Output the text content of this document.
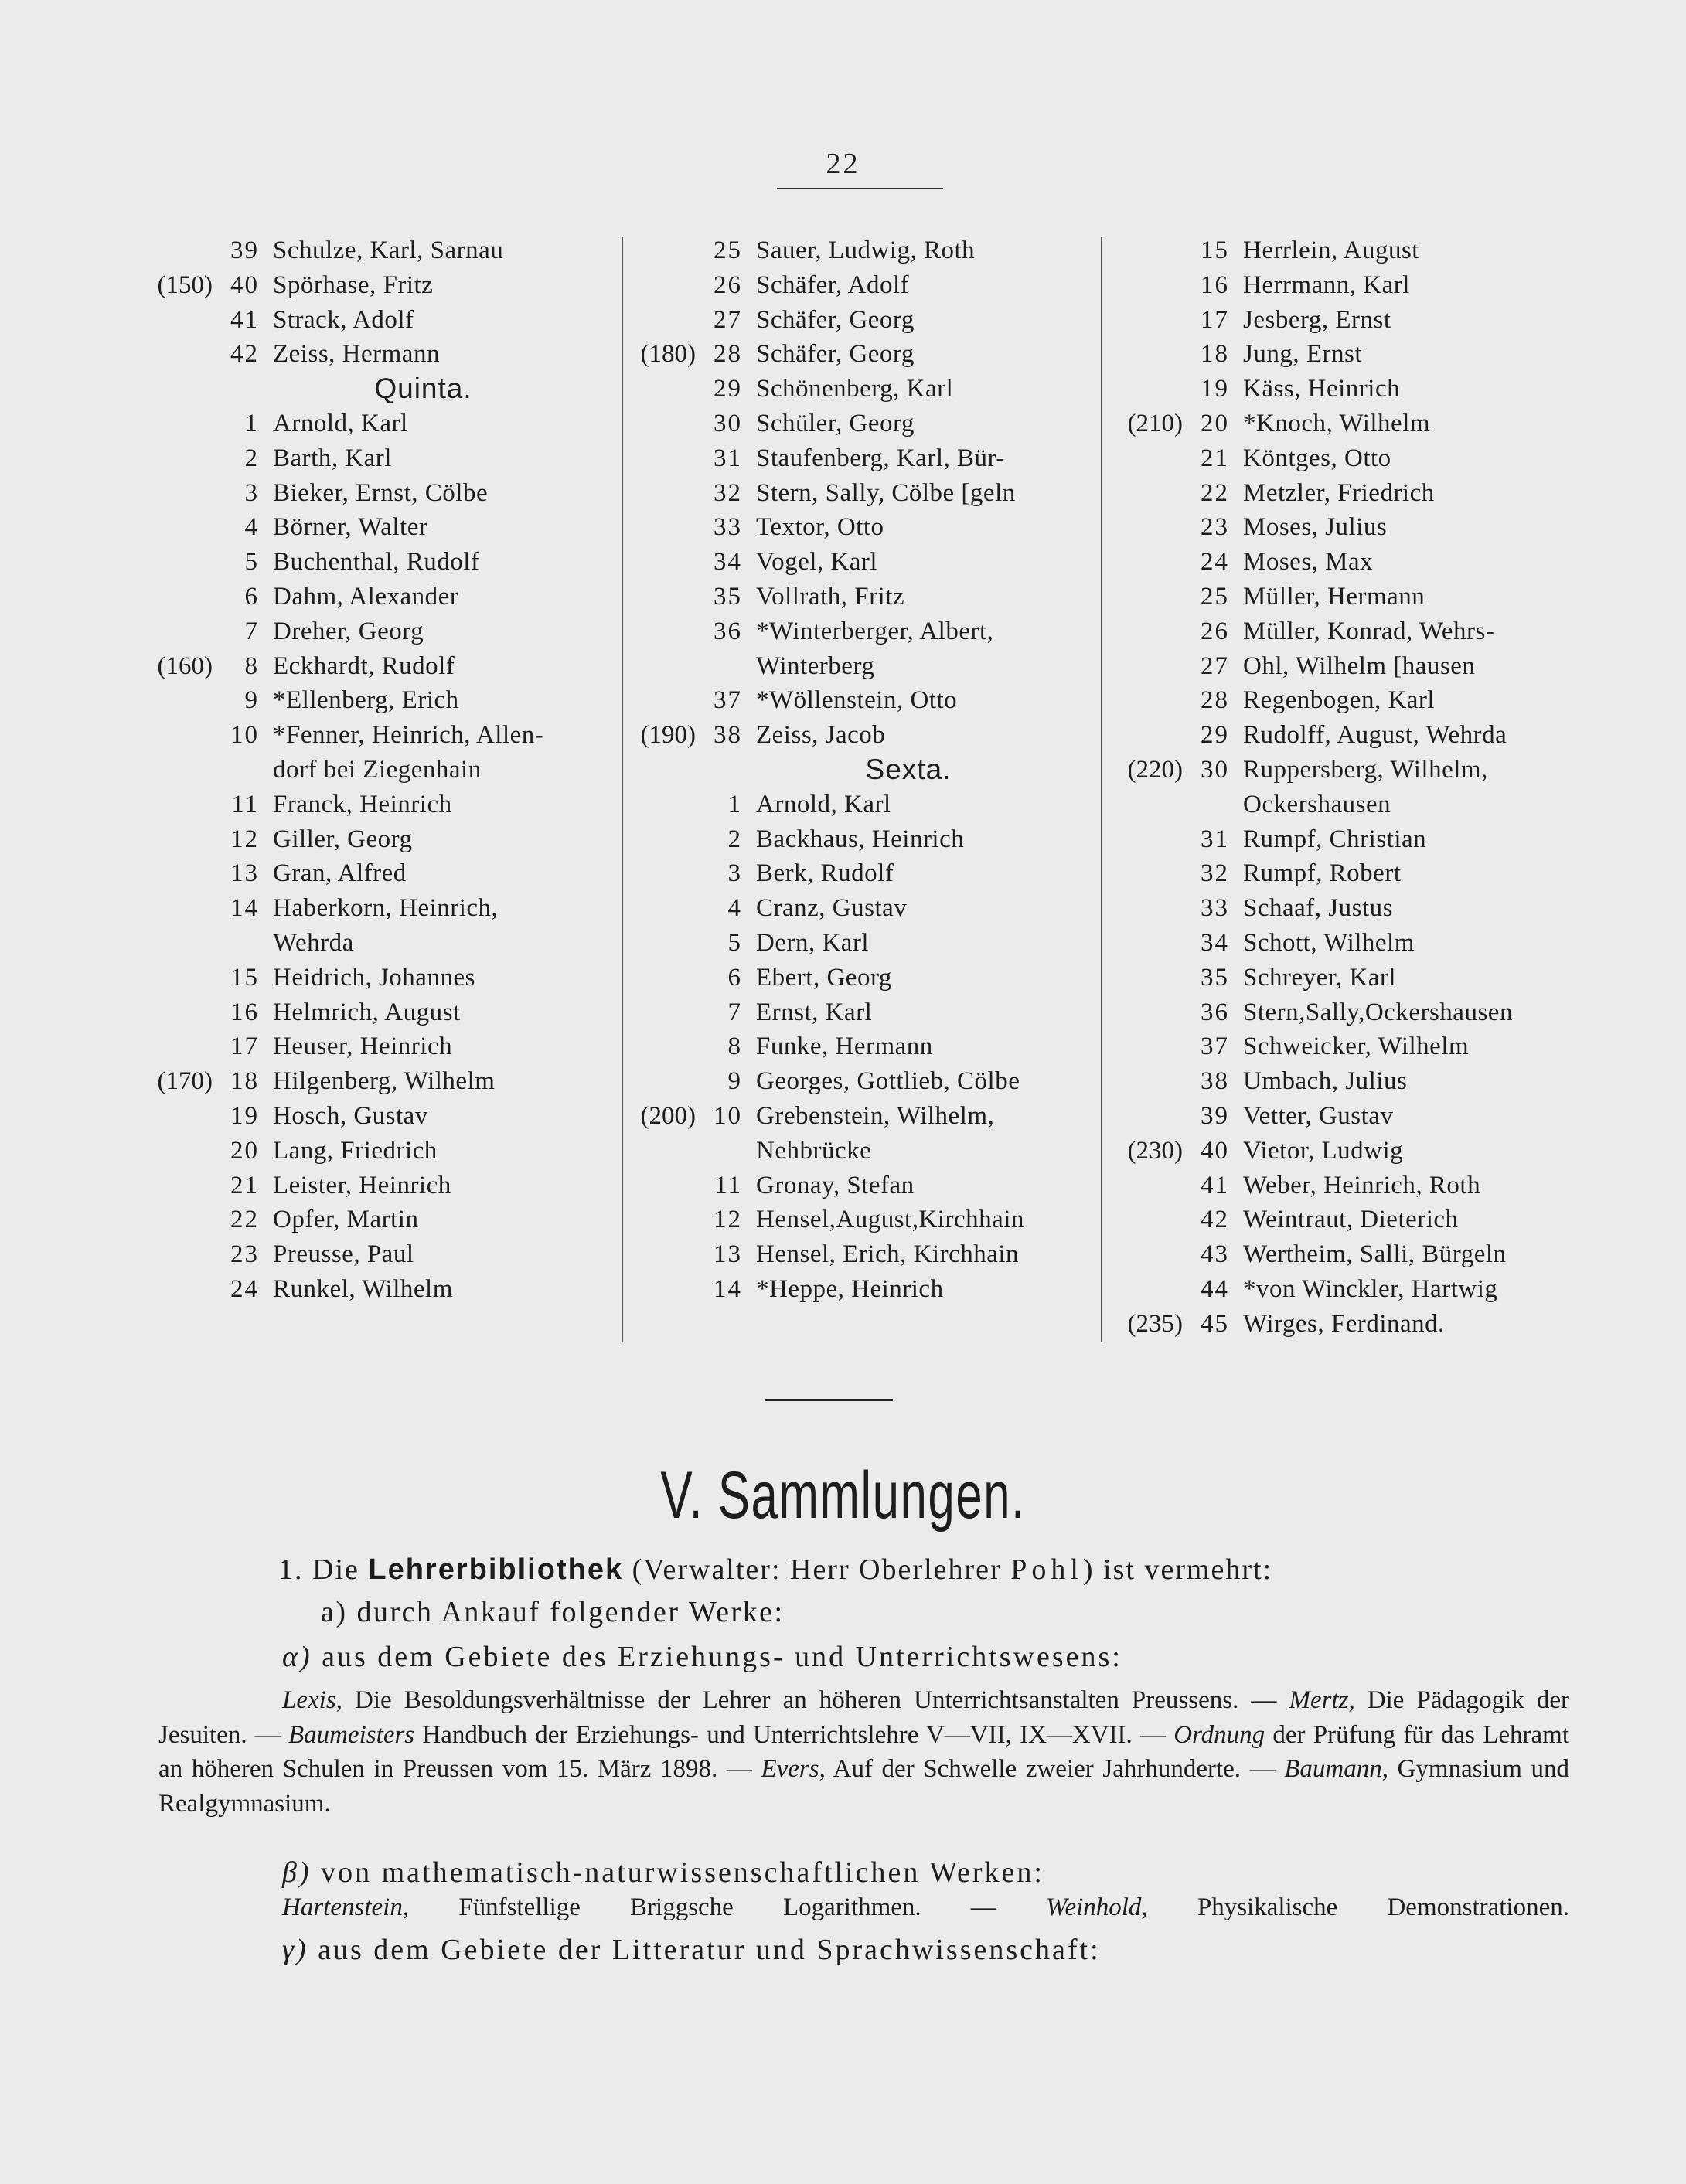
22
39 Schulze, Karl, Sarnau
(150) 40 Spörhase, Fritz
41 Strack, Adolf
42 Zeiss, Hermann
Quinta.
1 Arnold, Karl
2 Barth, Karl
3 Bieker, Ernst, Cölbe
4 Börner, Walter
5 Buchenthal, Rudolf
6 Dahm, Alexander
7 Dreher, Georg
(160)	8 Eckhardt, Rudolf
9 *Ellenberg, Erich
10 *Fenner, Heinrich, Allen-
dorf bei Ziegenhain
11 Franck, Heinrich
12 Giller, Georg
13 Gran, Alfred
14 Haberkorn, Heinrich,
Wehrda
15 Heidrich, Johannes
16 Helmrich, August
17 Heuser, Heinrich
(170) 18 Hilgenberg, Wilhelm
19 Hosch, Gustav
20 Lang, Friedrich
21 Leister, Heinrich
22 Opfer, Martin
23 Preusse, Paul
24 Runkel, Wilhelm
25 Sauer, Ludwig, Roth
26 Schäfer, Adolf
27 Schäfer, Georg
(180) 28 Schäfer, Georg
29 Schönenberg, Karl
30 Schüler, Georg
31 Staufenberg, Karl, Bür-
32 Stern, Sally, Cölbe [geln
33 Textor, Otto
34 Vogel, Karl
35 Vollrath, Fritz
36 *Winterberger, Albert,
Winterberg
37 *Wöllenstein, Otto
(190) 38 Zeiss, Jacob
Sexta.
1 Arnold, Karl
2 Backhaus, Heinrich
3 Berk, Rudolf
4 Cranz, Gustav
5 Dern, Karl
6 Ebert, Georg
7 Ernst, Karl
8 Funke, Hermann
9 Georges, Gottlieb, Cölbe
(200) 10 Grebenstein, Wilhelm,
Nehbrücke
11 Gronay, Stefan
12 Hensel,August,Kirchhain
13 Hensel, Erich, Kirchhain
14 *Heppe, Heinrich
15 Herrlein, August
16 Herrmann, Karl
17 Jesberg, Ernst
18 Jung, Ernst
19 Käss, Heinrich
(210) 20 *Knoch, Wilhelm
21 Köntges, Otto
22 Metzler, Friedrich
23 Moses, Julius
24 Moses, Max
25 Müller, Hermann
26 Müller, Konrad, Wehrs-
27 Ohl, Wilhelm [hausen
28 Regenbogen, Karl
29 Rudolff, August, Wehrda
(220) 30 Ruppersberg, Wilhelm,
Ockershausen
31 Rumpf, Christian
32 Rumpf, Robert
33 Schaaf, Justus
34 Schott, Wilhelm
35 Schreyer, Karl
36 Stern,Sally,Ockershausen
37 Schweicker, Wilhelm
38 Umbach, Julius
39 Vetter, Gustav
(230) 40 Vietor, Ludwig
41 Weber, Heinrich, Roth
42 Weintraut, Dieterich
43 Wertheim, Salli, Bürgeln
44 *von Winckler, Hartwig
(235) 45 Wirges, Ferdinand.
V. Sammlungen.
1. Die Lehrerbibliothek (Verwalter: Herr Oberlehrer Pohl) ist vermehrt:
a) durch Ankauf folgender Werke:
α) aus dem Gebiete des Erziehungs- und Unterrichtswesens:
Lexis, Die Besoldungsverhältnisse der Lehrer an höheren Unterrichtsanstalten Preussens. — Mertz, Die Pädagogik der Jesuiten. — Baumeisters Handbuch der Erziehungs- und Unterrichtslehre V—VII, IX—XVII. — Ordnung der Prüfung für das Lehramt an höheren Schulen in Preussen vom 15. März 1898. — Evers, Auf der Schwelle zweier Jahrhunderte. — Baumann, Gymnasium und Realgymnasium.
β) von mathematisch-naturwissenschaftlichen Werken:
Hartenstein, Fünfstellige Briggsche Logarithmen. — Weinhold, Physikalische Demonstrationen.
γ) aus dem Gebiete der Litteratur und Sprachwissenschaft:
